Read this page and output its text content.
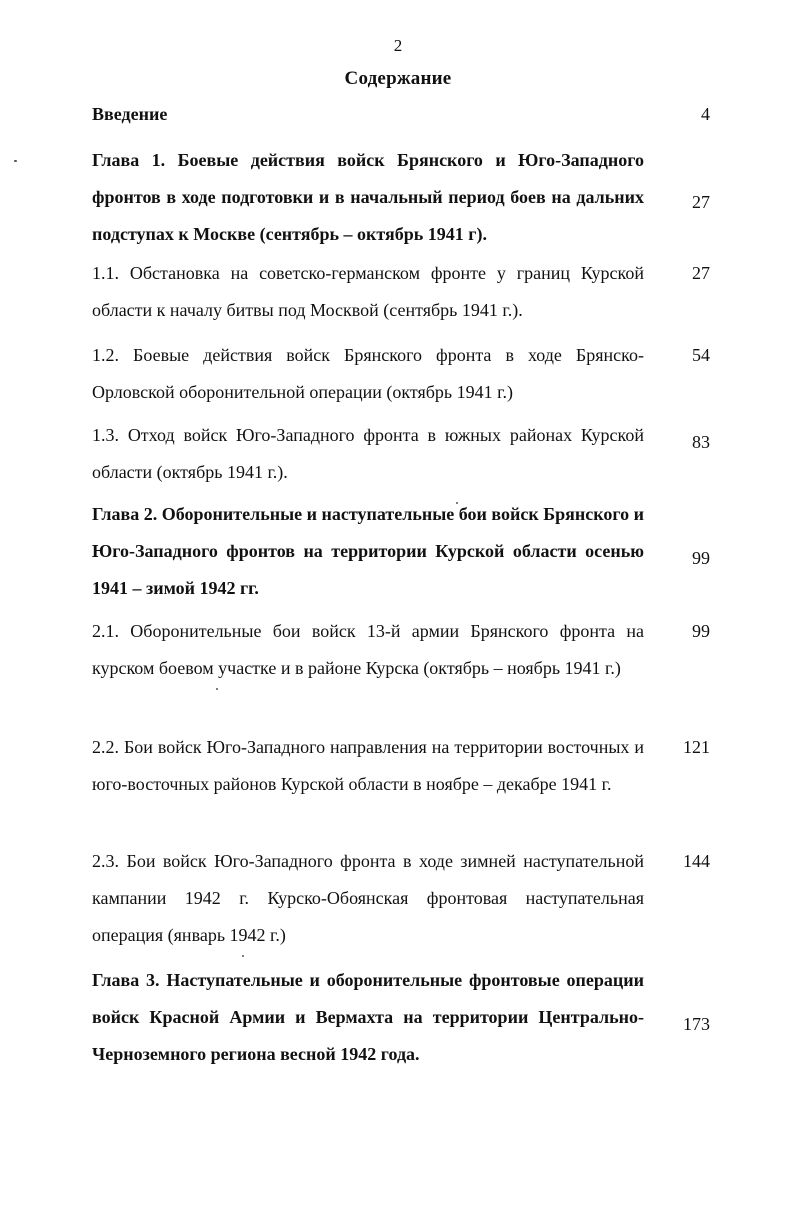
2
Содержание
Введение	4
Глава 1. Боевые действия войск Брянского и Юго-Западного фронтов в ходе подготовки и в начальный период боев на дальних подступах к Москве (сентябрь – октябрь 1941 г).
27
1.1. Обстановка на советско-германском фронте у границ Курской области к началу битвы под Москвой (сентябрь 1941 г.).
27
1.2. Боевые действия войск Брянского фронта в ходе Брянско-Орловской оборонительной операции (октябрь 1941 г.)
54
1.3. Отход войск Юго-Западного фронта в южных районах Курской области (октябрь 1941 г.).
83
Глава 2. Оборонительные и наступательные бои войск Брянского и Юго-Западного фронтов на территории Курской области осенью 1941 – зимой 1942 гг.
99
2.1. Оборонительные бои войск 13-й армии Брянского фронта на курском боевом участке и в районе Курска (октябрь – ноябрь 1941 г.)
99
2.2. Бои войск Юго-Западного направления на территории восточных и юго-восточных районов Курской области в ноябре – декабре 1941 г.
121
2.3. Бои войск Юго-Западного фронта в ходе зимней наступательной кампании 1942 г. Курско-Обоянская фронтовая наступательная операция (январь 1942 г.)
144
Глава 3. Наступательные и оборонительные фронтовые операции войск Красной Армии и Вермахта на территории Центрально-Черноземного региона весной 1942 года.
173
